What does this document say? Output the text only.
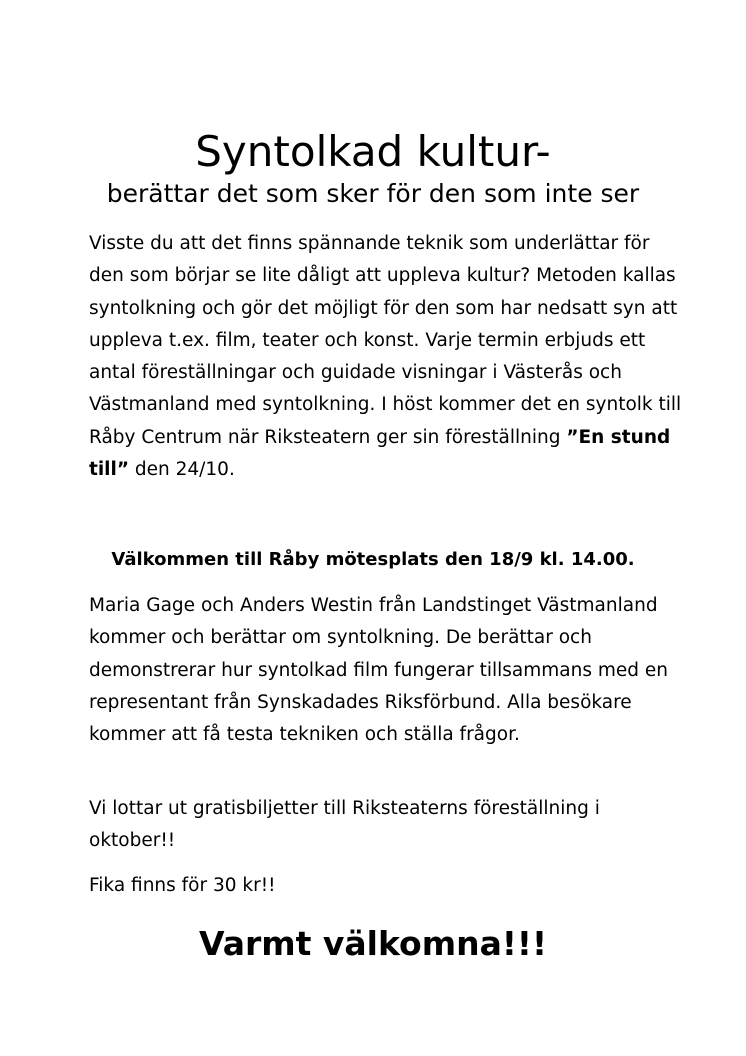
Syntolkad kultur-
berättar det som sker för den som inte ser

Visste du att det finns spännande teknik som underlättar för den som börjar se lite dåligt att uppleva kultur? Metoden kallas syntolkning och gör det möjligt för den som har nedsatt syn att uppleva t.ex. film, teater och konst. Varje termin erbjuds ett antal föreställningar och guidade visningar i Västerås och Västmanland med syntolkning. I höst kommer det en syntolk till Råby Centrum när Riksteatern ger sin föreställning ”En stund till” den 24/10.

Välkommen till Råby mötesplats den 18/9 kl. 14.00.

Maria Gage och Anders Westin från Landstinget Västmanland kommer och berättar om syntolkning. De berättar och demonstrerar hur syntolkad film fungerar tillsammans med en representant från Synskadades Riksförbund. Alla besökare kommer att få testa tekniken och ställa frågor.

Vi lottar ut gratisbiljetter till Riksteaterns föreställning i oktober!!

Fika finns för 30 kr!!

Varmt välkomna!!!
